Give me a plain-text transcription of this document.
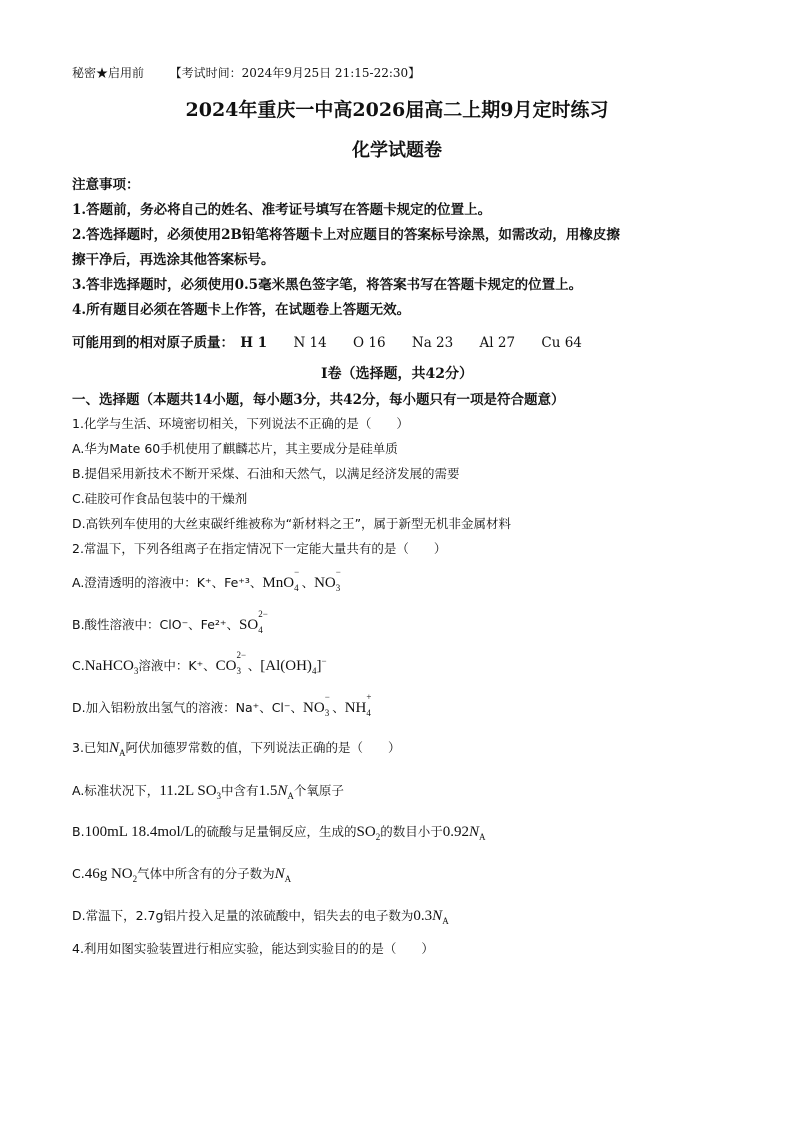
秘密★启用前 【考试时间：2024年9月25日 21:15-22:30】
2024年重庆一中高2026届高二上期9月定时练习
化学试题卷
注意事项：
1.答题前，务必将自己的姓名、准考证号填写在答题卡规定的位置上。
2.答选择题时，必须使用2B铅笔将答题卡上对应题目的答案标号涂黑，如需改动，用橡皮擦
擦干净后，再选涂其他答案标号。
3.答非选择题时，必须使用0.5毫米黑色签字笔，将答案书写在答题卡规定的位置上。
4.所有题目必须在答题卡上作答，在试题卷上答题无效。
可能用到的相对原子质量： H 1 N 14 O 16 Na 23 Al 27 Cu 64
Ⅰ卷（选择题，共42分）
一、选择题（本题共14小题，每小题3分，共42分，每小题只有一项是符合题意）
1.化学与生活、环境密切相关，下列说法不正确的是（　　）
A.华为Mate 60手机使用了麒麟芯片，其主要成分是硅单质
B.提倡采用新技术不断开采煤、石油和天然气，以满足经济发展的需要
C.硅胶可作食品包装中的干燥剂
D.高铁列车使用的大丝束碳纤维被称为“新材料之王”，属于新型无机非金属材料
2.常温下，下列各组离子在指定情况下一定能大量共有的是（　　）
A.澄清透明的溶液中：K⁺、Fe⁺³、MnO
−
4 、NO
−
3

B.酸性溶液中：ClO⁻、Fe²⁺、SO
2−
4

C.NaHCO$_3$溶液中：K⁺、CO
2−
3 、$[Al(OH)_4]^-$
D.加入铝粉放出氢气的溶液：Na⁺、Cl⁻、NO
−
3 、NH
+
4

3.已知$N_A$阿伏加德罗常数的值，下列说法正确的是（　　）
A.标准状况下，11.2L $SO_3$中含有$1.5N_A$个氧原子
B.100mL 18.4mol/L的硫酸与足量铜反应，生成的$SO_2$的数目小于$0.92N_A$
C.46g $NO_2$气体中所含有的分子数为$N_A$
D.常温下，2.7g铝片投入足量的浓硫酸中，铝失去的电子数为$0.3N_A$
4.利用如图实验装置进行相应实验，能达到实验目的的是（　　）
